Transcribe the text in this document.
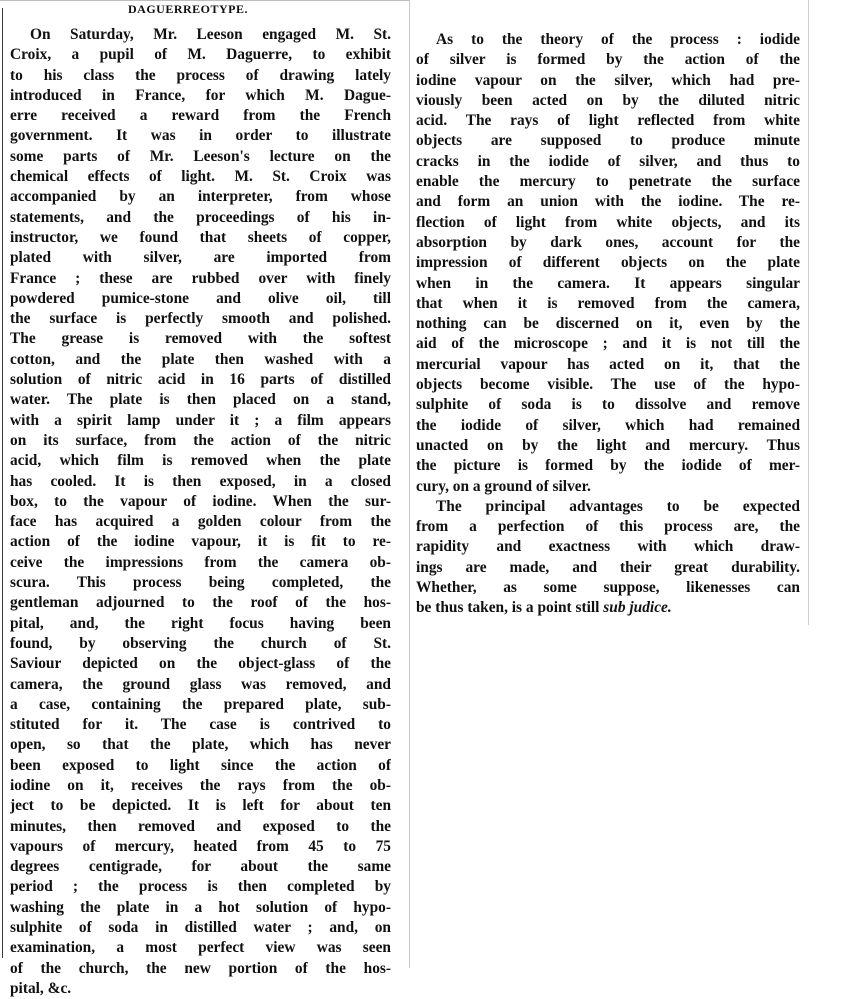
DAGUERREOTYPE.
On Saturday, Mr. Leeson engaged M. St.
Croix, a pupil of M. Daguerre, to exhibit
to his class the process of drawing lately
introduced in France, for which M. Dague-
erre received a reward from the French
government. It was in order to illustrate
some parts of Mr. Leeson's lecture on the
chemical effects of light. M. St. Croix was
accompanied by an interpreter, from whose
statements, and the proceedings of his in-
instructor, we found that sheets of copper,
plated with silver, are imported from
France ; these are rubbed over with finely
powdered pumice-stone and olive oil, till
the surface is perfectly smooth and polished.
The grease is removed with the softest
cotton, and the plate then washed with a
solution of nitric acid in 16 parts of distilled
water. The plate is then placed on a stand,
with a spirit lamp under it ; a film appears
on its surface, from the action of the nitric
acid, which film is removed when the plate
has cooled. It is then exposed, in a closed
box, to the vapour of iodine. When the sur-
face has acquired a golden colour from the
action of the iodine vapour, it is fit to re-
ceive the impressions from the camera ob-
scura. This process being completed, the
gentleman adjourned to the roof of the hos-
pital, and, the right focus having been
found, by observing the church of St.
Saviour depicted on the object-glass of the
camera, the ground glass was removed, and
a case, containing the prepared plate, sub-
stituted for it. The case is contrived to
open, so that the plate, which has never
been exposed to light since the action of
iodine on it, receives the rays from the ob-
ject to be depicted. It is left for about ten
minutes, then removed and exposed to the
vapours of mercury, heated from 45 to 75
degrees centigrade, for about the same
period ; the process is then completed by
washing the plate in a hot solution of hypo-
sulphite of soda in distilled water ; and, on
examination, a most perfect view was seen
of the church, the new portion of the hos-
pital, &c.
As to the theory of the process : iodide
of silver is formed by the action of the
iodine vapour on the silver, which had pre-
viously been acted on by the diluted nitric
acid. The rays of light reflected from white
objects are supposed to produce minute
cracks in the iodide of silver, and thus to
enable the mercury to penetrate the surface
and form an union with the iodine. The re-
flection of light from white objects, and its
absorption by dark ones, account for the
impression of different objects on the plate
when in the camera. It appears singular
that when it is removed from the camera,
nothing can be discerned on it, even by the
aid of the microscope ; and it is not till the
mercurial vapour has acted on it, that the
objects become visible. The use of the hypo-
sulphite of soda is to dissolve and remove
the iodide of silver, which had remained
unacted on by the light and mercury. Thus
the picture is formed by the iodide of mer-
cury, on a ground of silver.
The principal advantages to be expected
from a perfection of this process are, the
rapidity and exactness with which draw-
ings are made, and their great durability.
Whether, as some suppose, likenesses can
be thus taken, is a point still sub judice.
